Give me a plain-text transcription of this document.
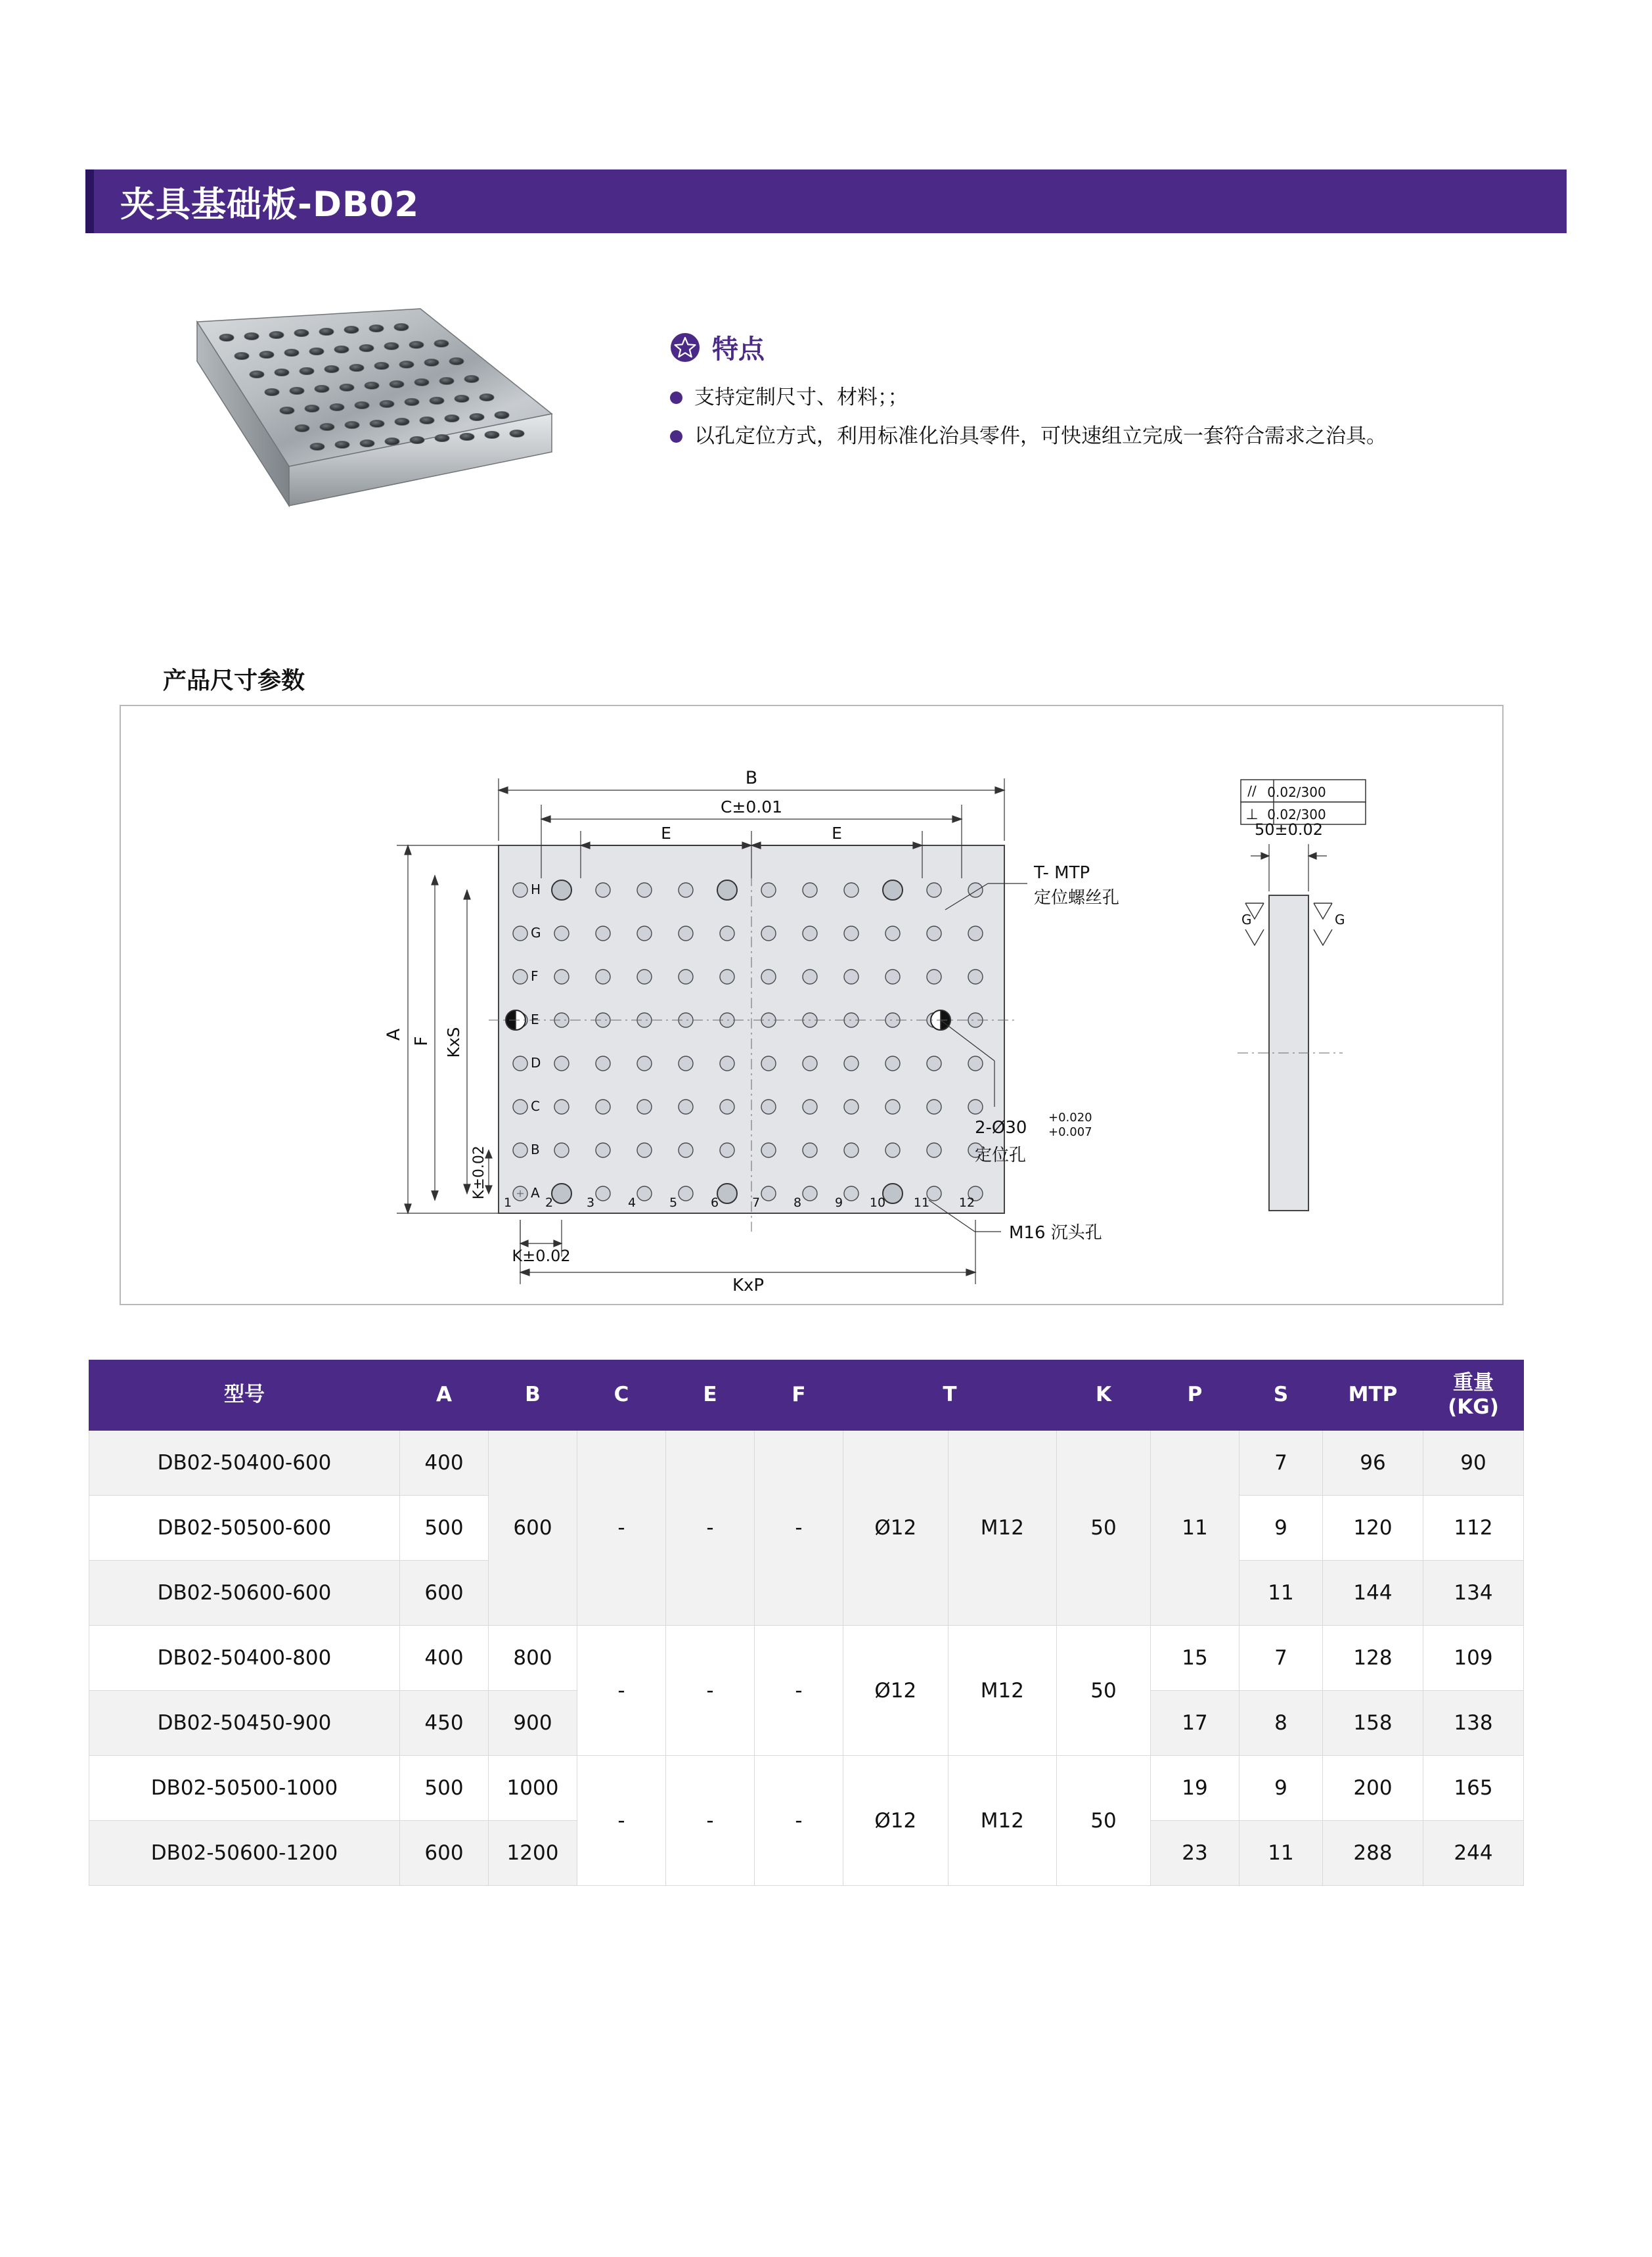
夹具基础板-DB02
特点
支持定制尺寸、材料；；
以孔定位方式，利用标准化治具零件，可快速组立完成一套符合需求之治具。
产品尺寸参数
B
C±0.01
E	E
A
F KxS
K±0.02
K±0.02
KxP
T- MTP
定位螺丝孔
2-Ø30
+0.020
+0.007
定位孔
M16 沉头孔
50±0.02
0.02/300
0.02/300
//
⊥
H
G
F
E
D
C
B
A
1	2	3	4	5	6	7	8	9 10 11 12
G	G
型号	A	B	C	E	F	T		K	P	S	MTP	重量
(KG)

DB02-50400-600	400	600	-	-	-	Ø12	M12	50	11	7	96	90
DB02-50500-600	500									9	120	112
DB02-50600-600	600									11	144	134
DB02-50400-800	400	800	-	-	-	Ø12	M12	50	15	7	128	109
DB02-50450-900	450	900							17	8	158	138
DB02-50500-1000	500	1000	-	-	-	Ø12	M12	50	19	9	200	165
DB02-50600-1200	600	1200							23	11	288	244
